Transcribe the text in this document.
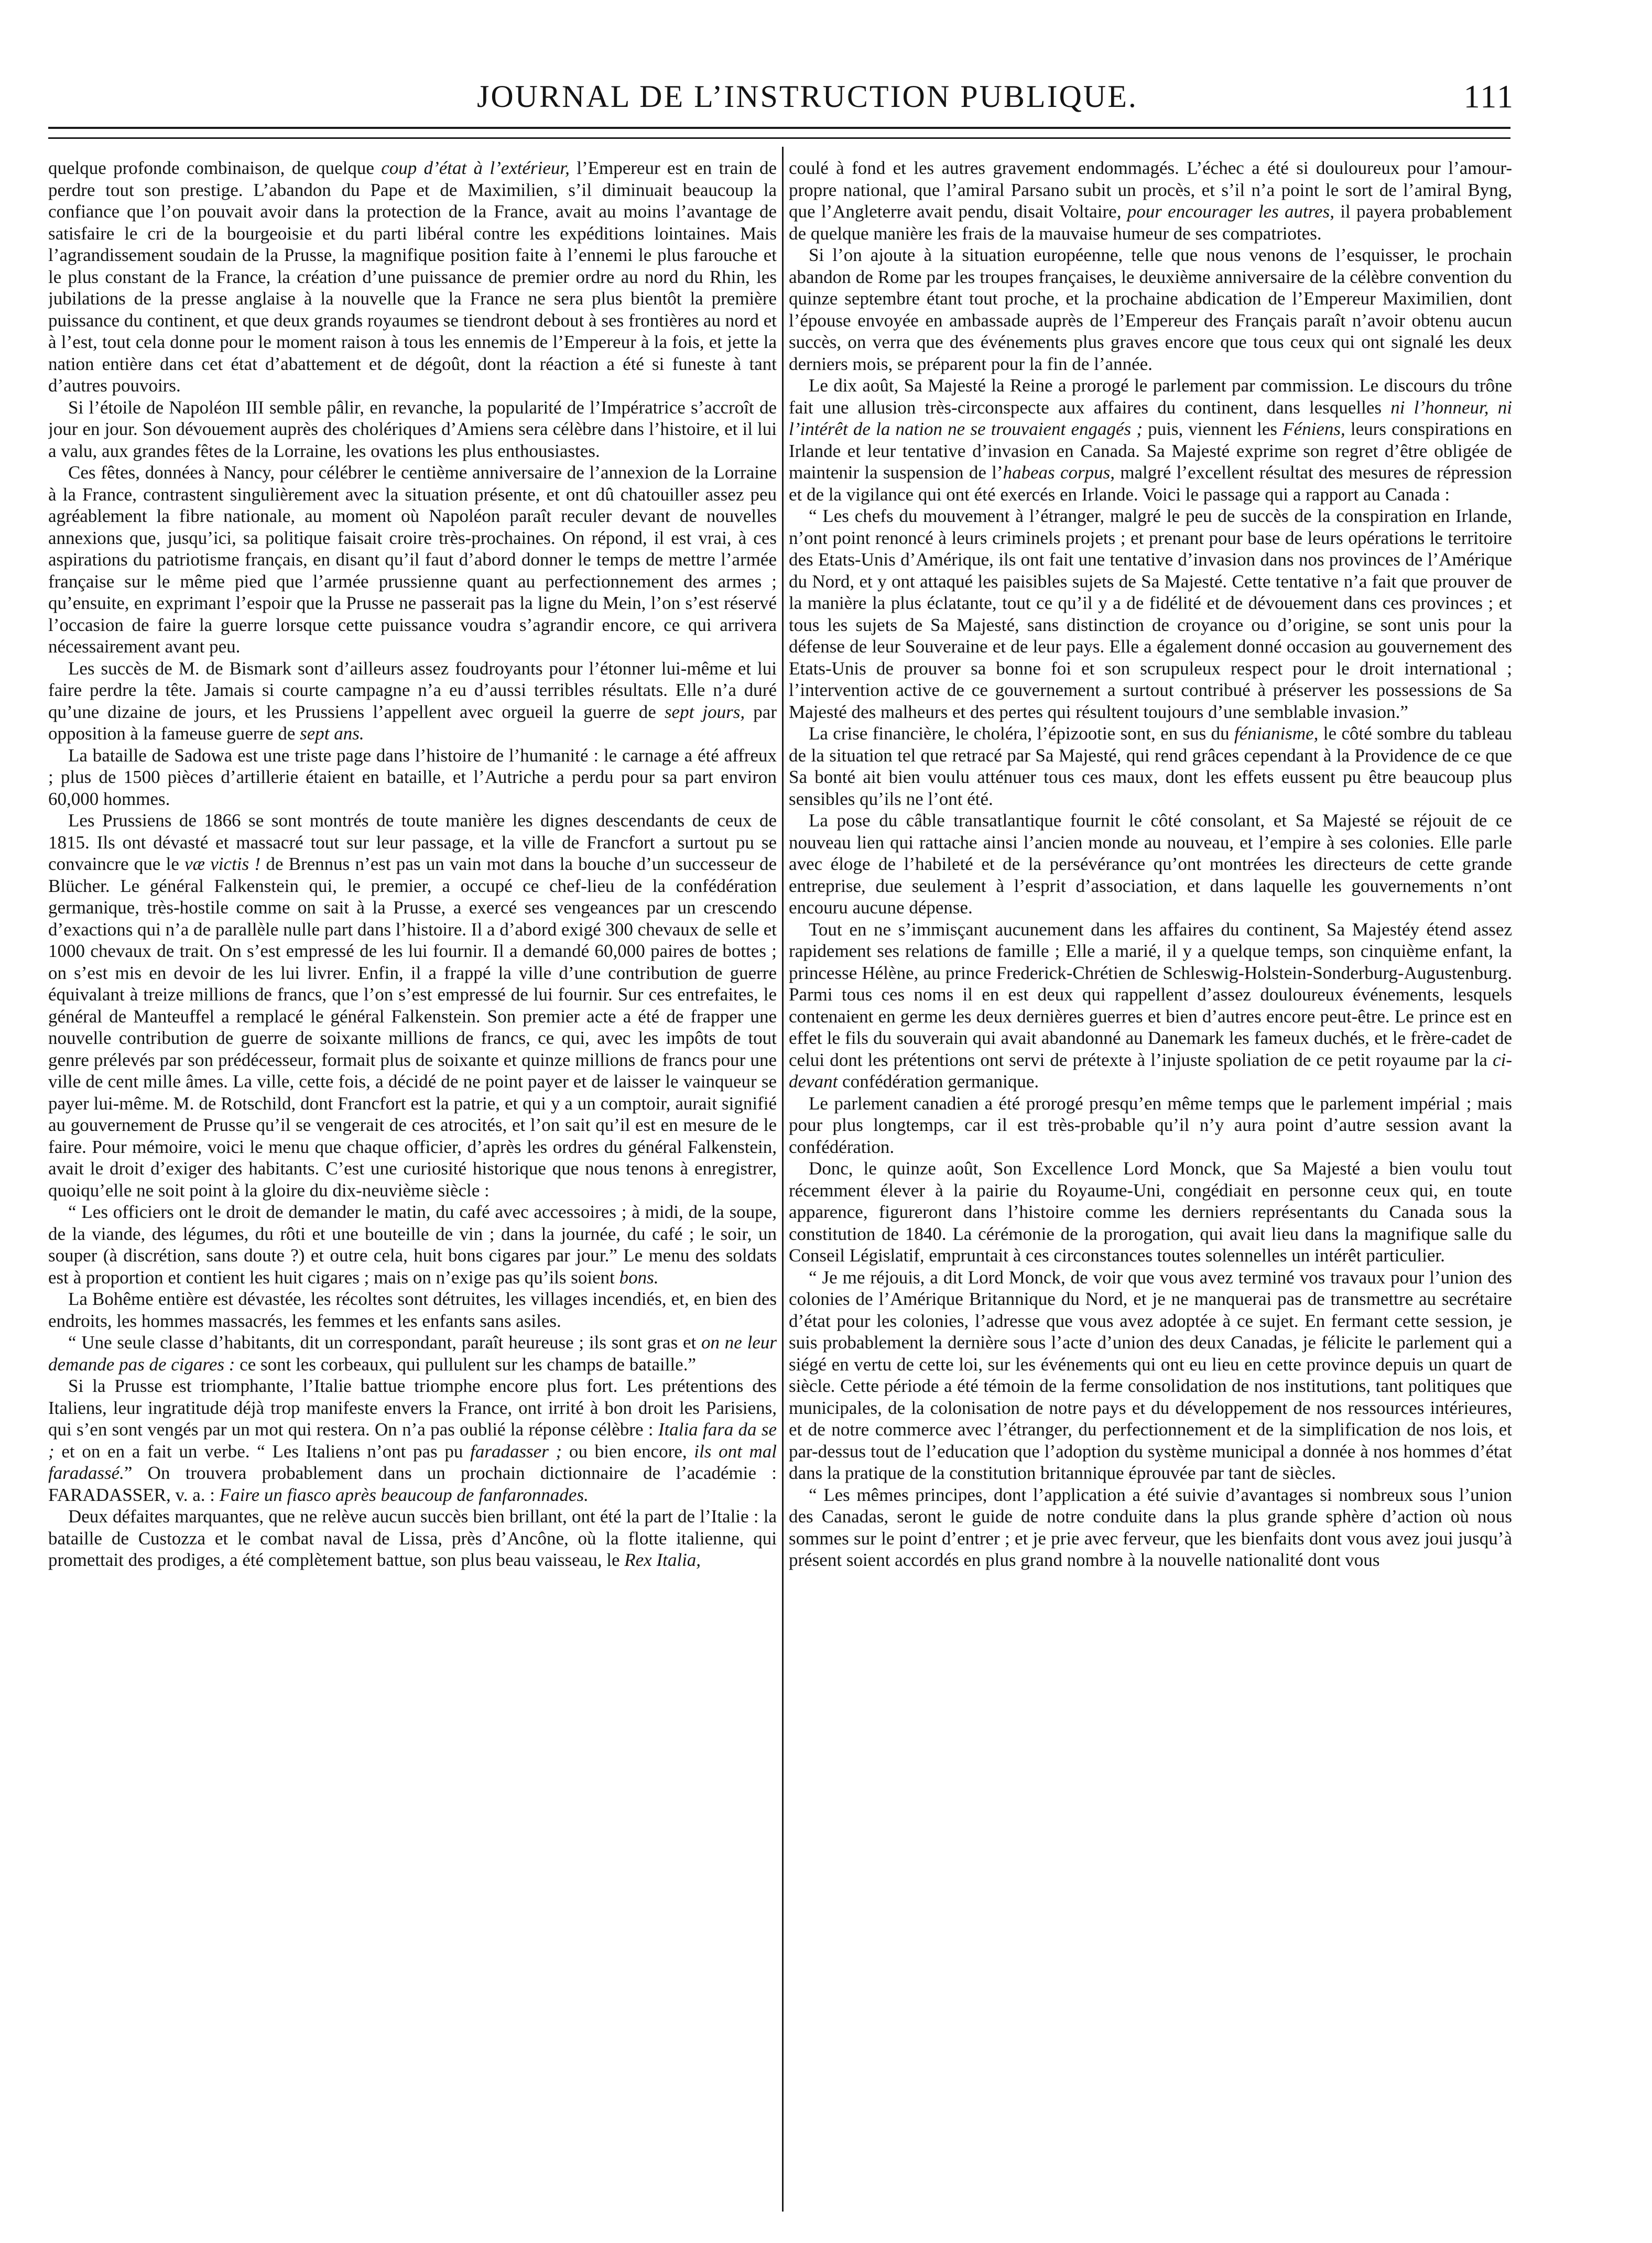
JOURNAL DE L’INSTRUCTION PUBLIQUE.	111

quelque profonde combinaison, de quelque coup d’état à l’extérieur, l’Empereur est en train de perdre tout son prestige. L’abandon du Pape et de Maximilien, s’il diminuait beaucoup la confiance que l’on pouvait avoir dans la protection de la France, avait au moins l’avantage de satisfaire le cri de la bourgeoisie et du parti libéral contre les expéditions lointaines. Mais l’agrandissement soudain de la Prusse, la magnifique position faite à l’ennemi le plus farouche et le plus constant de la France, la création d’une puissance de premier ordre au nord du Rhin, les jubilations de la presse anglaise à la nouvelle que la France ne sera plus bientôt la première puissance du continent, et que deux grands royaumes se tiendront debout à ses frontières au nord et à l’est, tout cela donne pour le moment raison à tous les ennemis de l’Empereur à la fois, et jette la nation entière dans cet état d’abattement et de dégoût, dont la réaction a été si funeste à tant d’autres pouvoirs.

Si l’étoile de Napoléon III semble pâlir, en revanche, la popularité de l’Impératrice s’accroît de jour en jour. Son dévouement auprès des cholériques d’Amiens sera célèbre dans l’histoire, et il lui a valu, aux grandes fêtes de la Lorraine, les ovations les plus enthousiastes.

Ces fêtes, données à Nancy, pour célébrer le centième anniversaire de l’annexion de la Lorraine à la France, contrastent singulièrement avec la situation présente, et ont dû chatouiller assez peu agréablement la fibre nationale, au moment où Napoléon paraît reculer devant de nouvelles annexions que, jusqu’ici, sa politique faisait croire très-prochaines. On répond, il est vrai, à ces aspirations du patriotisme français, en disant qu’il faut d’abord donner le temps de mettre l’armée française sur le même pied que l’armée prussienne quant au perfectionnement des armes ; qu’ensuite, en exprimant l’espoir que la Prusse ne passerait pas la ligne du Mein, l’on s’est réservé l’occasion de faire la guerre lorsque cette puissance voudra s’agrandir encore, ce qui arrivera nécessairement avant peu.

Les succès de M. de Bismark sont d’ailleurs assez foudroyants pour l’étonner lui-même et lui faire perdre la tête. Jamais si courte campagne n’a eu d’aussi terribles résultats. Elle n’a duré qu’une dizaine de jours, et les Prussiens l’appellent avec orgueil la guerre de sept jours, par opposition à la fameuse guerre de sept ans.

La bataille de Sadowa est une triste page dans l’histoire de l’humanité : le carnage a été affreux ; plus de 1500 pièces d’artillerie étaient en bataille, et l’Autriche a perdu pour sa part environ 60,000 hommes.

Les Prussiens de 1866 se sont montrés de toute manière les dignes descendants de ceux de 1815. Ils ont dévasté et massacré tout sur leur passage, et la ville de Francfort a surtout pu se convaincre que le væ victis ! de Brennus n’est pas un vain mot dans la bouche d’un successeur de Blücher. Le général Falkenstein qui, le premier, a occupé ce chef-lieu de la confédération germanique, très-hostile comme on sait à la Prusse, a exercé ses vengeances par un crescendo d’exactions qui n’a de parallèle nulle part dans l’histoire. Il a d’abord exigé 300 chevaux de selle et 1000 chevaux de trait. On s’est empressé de les lui fournir. Il a demandé 60,000 paires de bottes ; on s’est mis en devoir de les lui livrer. Enfin, il a frappé la ville d’une contribution de guerre équivalant à treize millions de francs, que l’on s’est empressé de lui fournir. Sur ces entrefaites, le général de Manteuffel a remplacé le général Falkenstein. Son premier acte a été de frapper une nouvelle contribution de guerre de soixante millions de francs, ce qui, avec les impôts de tout genre prélevés par son prédécesseur, formait plus de soixante et quinze millions de francs pour une ville de cent mille âmes. La ville, cette fois, a décidé de ne point payer et de laisser le vainqueur se payer lui-même. M. de Rotschild, dont Francfort est la patrie, et qui y a un comptoir, aurait signifié au gouvernement de Prusse qu’il se vengerait de ces atrocités, et l’on sait qu’il est en mesure de le faire. Pour mémoire, voici le menu que chaque officier, d’après les ordres du général Falkenstein, avait le droit d’exiger des habitants. C’est une curiosité historique que nous tenons à enregistrer, quoiqu’elle ne soit point à la gloire du dix-neuvième siècle :

“ Les officiers ont le droit de demander le matin, du café avec accessoires ; à midi, de la soupe, de la viande, des légumes, du rôti et une bouteille de vin ; dans la journée, du café ; le soir, un souper (à discrétion, sans doute ?) et outre cela, huit bons cigares par jour.” Le menu des soldats est à proportion et contient les huit cigares ; mais on n’exige pas qu’ils soient bons.

La Bohême entière est dévastée, les récoltes sont détruites, les villages incendiés, et, en bien des endroits, les hommes massacrés, les femmes et les enfants sans asiles.

“ Une seule classe d’habitants, dit un correspondant, paraît heureuse ; ils sont gras et on ne leur demande pas de cigares : ce sont les corbeaux, qui pullulent sur les champs de bataille.”

Si la Prusse est triomphante, l’Italie battue triomphe encore plus fort. Les prétentions des Italiens, leur ingratitude déjà trop manifeste envers la France, ont irrité à bon droit les Parisiens, qui s’en sont vengés par un mot qui restera. On n’a pas oublié la réponse célèbre : Italia fara da se ; et on en a fait un verbe. “ Les Italiens n’ont pas pu faradasser ; ou bien encore, ils ont mal faradassé.” On trouvera probablement dans un prochain dictionnaire de l’académie : FARADASSER, v. a. : Faire un fiasco après beaucoup de fanfaronnades.

Deux défaites marquantes, que ne relève aucun succès bien brillant, ont été la part de l’Italie : la bataille de Custozza et le combat naval de Lissa, près d’Ancône, où la flotte italienne, qui promettait des prodiges, a été complètement battue, son plus beau vaisseau, le Rex Italia,

coulé à fond et les autres gravement endommagés. L’échec a été si douloureux pour l’amour-propre national, que l’amiral Parsano subit un procès, et s’il n’a point le sort de l’amiral Byng, que l’Angleterre avait pendu, disait Voltaire, pour encourager les autres, il payera probablement de quelque manière les frais de la mauvaise humeur de ses compatriotes.

Si l’on ajoute à la situation européenne, telle que nous venons de l’esquisser, le prochain abandon de Rome par les troupes françaises, le deuxième anniversaire de la célèbre convention du quinze septembre étant tout proche, et la prochaine abdication de l’Empereur Maximilien, dont l’épouse envoyée en ambassade auprès de l’Empereur des Français paraît n’avoir obtenu aucun succès, on verra que des événements plus graves encore que tous ceux qui ont signalé les deux derniers mois, se préparent pour la fin de l’année.

Le dix août, Sa Majesté la Reine a prorogé le parlement par commission. Le discours du trône fait une allusion très-circonspecte aux affaires du continent, dans lesquelles ni l’honneur, ni l’intérêt de la nation ne se trouvaient engagés ; puis, viennent les Féniens, leurs conspirations en Irlande et leur tentative d’invasion en Canada. Sa Majesté exprime son regret d’être obligée de maintenir la suspension de l’habeas corpus, malgré l’excellent résultat des mesures de répression et de la vigilance qui ont été exercés en Irlande. Voici le passage qui a rapport au Canada :

“ Les chefs du mouvement à l’étranger, malgré le peu de succès de la conspiration en Irlande, n’ont point renoncé à leurs criminels projets ; et prenant pour base de leurs opérations le territoire des Etats-Unis d’Amérique, ils ont fait une tentative d’invasion dans nos provinces de l’Amérique du Nord, et y ont attaqué les paisibles sujets de Sa Majesté. Cette tentative n’a fait que prouver de la manière la plus éclatante, tout ce qu’il y a de fidélité et de dévouement dans ces provinces ; et tous les sujets de Sa Majesté, sans distinction de croyance ou d’origine, se sont unis pour la défense de leur Souveraine et de leur pays. Elle a également donné occasion au gouvernement des Etats-Unis de prouver sa bonne foi et son scrupuleux respect pour le droit international ; l’intervention active de ce gouvernement a surtout contribué à préserver les possessions de Sa Majesté des malheurs et des pertes qui résultent toujours d’une semblable invasion.”

La crise financière, le choléra, l’épizootie sont, en sus du fénianisme, le côté sombre du tableau de la situation tel que retracé par Sa Majesté, qui rend grâces cependant à la Providence de ce que Sa bonté ait bien voulu atténuer tous ces maux, dont les effets eussent pu être beaucoup plus sensibles qu’ils ne l’ont été.

La pose du câble transatlantique fournit le côté consolant, et Sa Majesté se réjouit de ce nouveau lien qui rattache ainsi l’ancien monde au nouveau, et l’empire à ses colonies. Elle parle avec éloge de l’habileté et de la persévérance qu’ont montrées les directeurs de cette grande entreprise, due seulement à l’esprit d’association, et dans laquelle les gouvernements n’ont encouru aucune dépense.

Tout en ne s’immisçant aucunement dans les affaires du continent, Sa Majestéy étend assez rapidement ses relations de famille ; Elle a marié, il y a quelque temps, son cinquième enfant, la princesse Hélène, au prince Frederick-Chrétien de Schleswig-Holstein-Sonderburg-Augustenburg. Parmi tous ces noms il en est deux qui rappellent d’assez douloureux événements, lesquels contenaient en germe les deux dernières guerres et bien d’autres encore peut-être. Le prince est en effet le fils du souverain qui avait abandonné au Danemark les fameux duchés, et le frère-cadet de celui dont les prétentions ont servi de prétexte à l’injuste spoliation de ce petit royaume par la ci-devant confédération germanique.

Le parlement canadien a été prorogé presqu’en même temps que le parlement impérial ; mais pour plus longtemps, car il est très-probable qu’il n’y aura point d’autre session avant la confédération.

Donc, le quinze août, Son Excellence Lord Monck, que Sa Majesté a bien voulu tout récemment élever à la pairie du Royaume-Uni, congédiait en personne ceux qui, en toute apparence, figureront dans l’histoire comme les derniers représentants du Canada sous la constitution de 1840. La cérémonie de la prorogation, qui avait lieu dans la magnifique salle du Conseil Législatif, empruntait à ces circonstances toutes solennelles un intérêt particulier.

“ Je me réjouis, a dit Lord Monck, de voir que vous avez terminé vos travaux pour l’union des colonies de l’Amérique Britannique du Nord, et je ne manquerai pas de transmettre au secrétaire d’état pour les colonies, l’adresse que vous avez adoptée à ce sujet. En fermant cette session, je suis probablement la dernière sous l’acte d’union des deux Canadas, je félicite le parlement qui a siégé en vertu de cette loi, sur les événements qui ont eu lieu en cette province depuis un quart de siècle. Cette période a été témoin de la ferme consolidation de nos institutions, tant politiques que municipales, de la colonisation de notre pays et du développement de nos ressources intérieures, et de notre commerce avec l’étranger, du perfectionnement et de la simplification de nos lois, et par-dessus tout de l’education que l’adoption du système municipal a donnée à nos hommes d’état dans la pratique de la constitution britannique éprouvée par tant de siècles.

“ Les mêmes principes, dont l’application a été suivie d’avantages si nombreux sous l’union des Canadas, seront le guide de notre conduite dans la plus grande sphère d’action où nous sommes sur le point d’entrer ; et je prie avec ferveur, que les bienfaits dont vous avez joui jusqu’à présent soient accordés en plus grand nombre à la nouvelle nationalité dont vous
